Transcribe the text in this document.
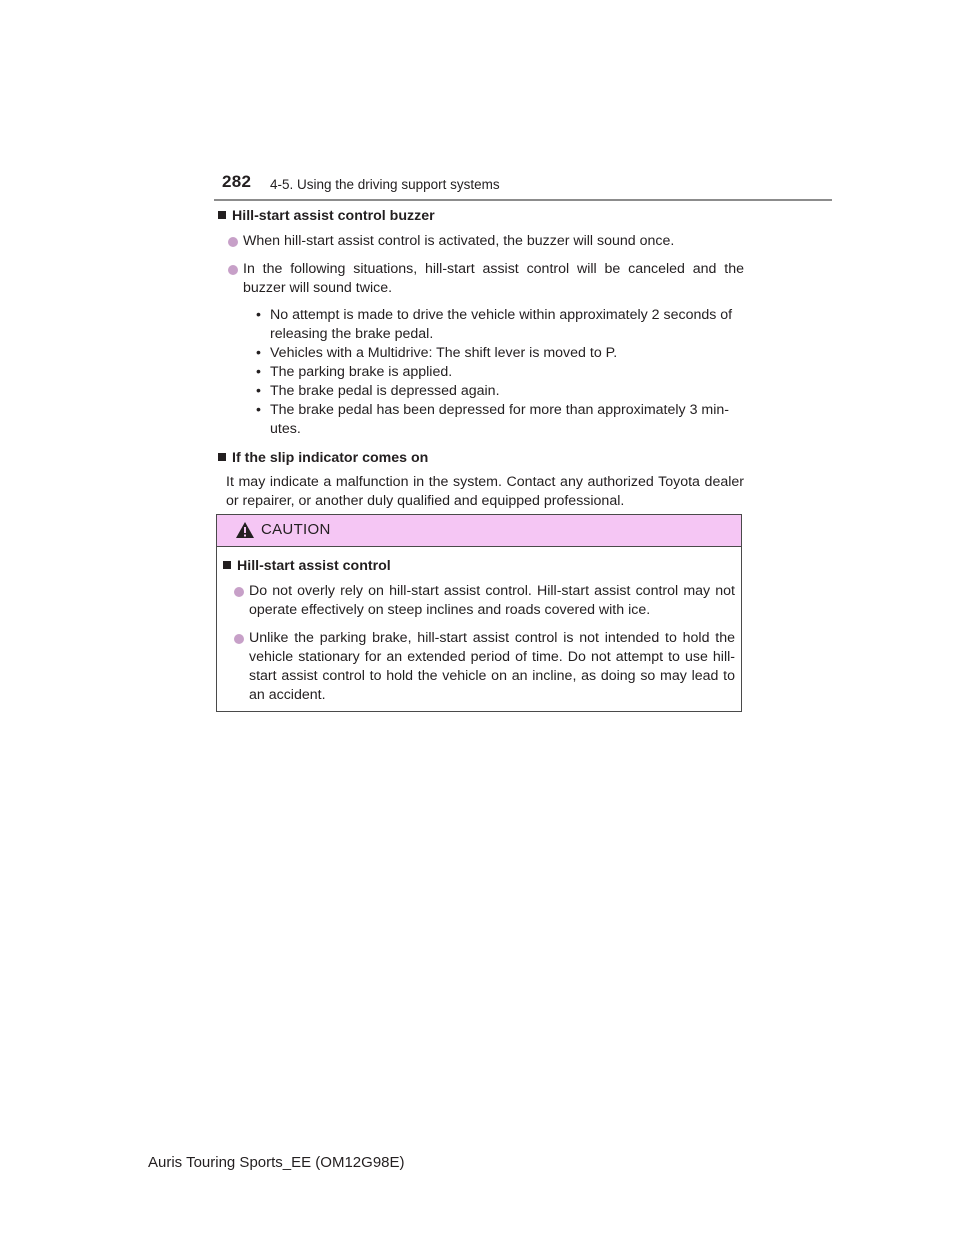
282 4-5. Using the driving support systems
Hill-start assist control buzzer
When hill-start assist control is activated, the buzzer will sound once.
In the following situations, hill-start assist control will be canceled and the buzzer will sound twice.
• No attempt is made to drive the vehicle within approximately 2 seconds of releasing the brake pedal.
• Vehicles with a Multidrive: The shift lever is moved to P.
• The parking brake is applied.
• The brake pedal is depressed again.
• The brake pedal has been depressed for more than approximately 3 min-utes.
If the slip indicator comes on
It may indicate a malfunction in the system. Contact any authorized Toyota dealer or repairer, or another duly qualified and equipped professional.
CAUTION
Hill-start assist control
Do not overly rely on hill-start assist control. Hill-start assist control may not operate effectively on steep inclines and roads covered with ice.
Unlike the parking brake, hill-start assist control is not intended to hold the vehicle stationary for an extended period of time. Do not attempt to use hill-start assist control to hold the vehicle on an incline, as doing so may lead to an accident.
Auris Touring Sports_EE (OM12G98E)
